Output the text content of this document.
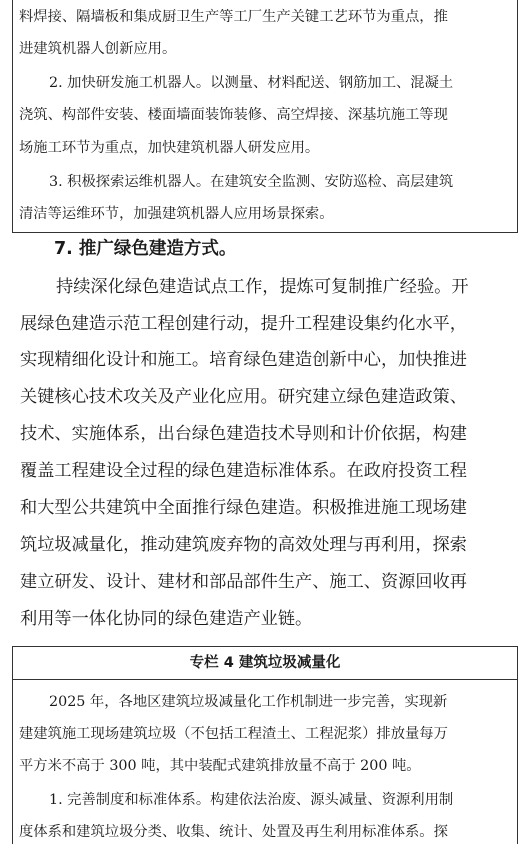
料焊接、隔墙板和集成厨卫生产等工厂生产关键工艺环节为重点，推
进建筑机器人创新应用。
2. 加快研发施工机器人。以测量、材料配送、钢筋加工、混凝土
浇筑、构部件安装、楼面墙面装饰装修、高空焊接、深基坑施工等现
场施工环节为重点，加快建筑机器人研发应用。
3. 积极探索运维机器人。在建筑安全监测、安防巡检、高层建筑
清洁等运维环节，加强建筑机器人应用场景探索。
7. 推广绿色建造方式。
持续深化绿色建造试点工作，提炼可复制推广经验。开
展绿色建造示范工程创建行动，提升工程建设集约化水平，
实现精细化设计和施工。培育绿色建造创新中心，加快推进
关键核心技术攻关及产业化应用。研究建立绿色建造政策、
技术、实施体系，出台绿色建造技术导则和计价依据，构建
覆盖工程建设全过程的绿色建造标准体系。在政府投资工程
和大型公共建筑中全面推行绿色建造。积极推进施工现场建
筑垃圾减量化，推动建筑废弃物的高效处理与再利用，探索
建立研发、设计、建材和部品部件生产、施工、资源回收再
利用等一体化协同的绿色建造产业链。
专栏 4 建筑垃圾减量化
2025 年，各地区建筑垃圾减量化工作机制进一步完善，实现新
建建筑施工现场建筑垃圾（不包括工程渣土、工程泥浆）排放量每万
平方米不高于 300 吨，其中装配式建筑排放量不高于 200 吨。
1. 完善制度和标准体系。构建依法治废、源头减量、资源利用制
度体系和建筑垃圾分类、收集、统计、处置及再生利用标准体系。探
